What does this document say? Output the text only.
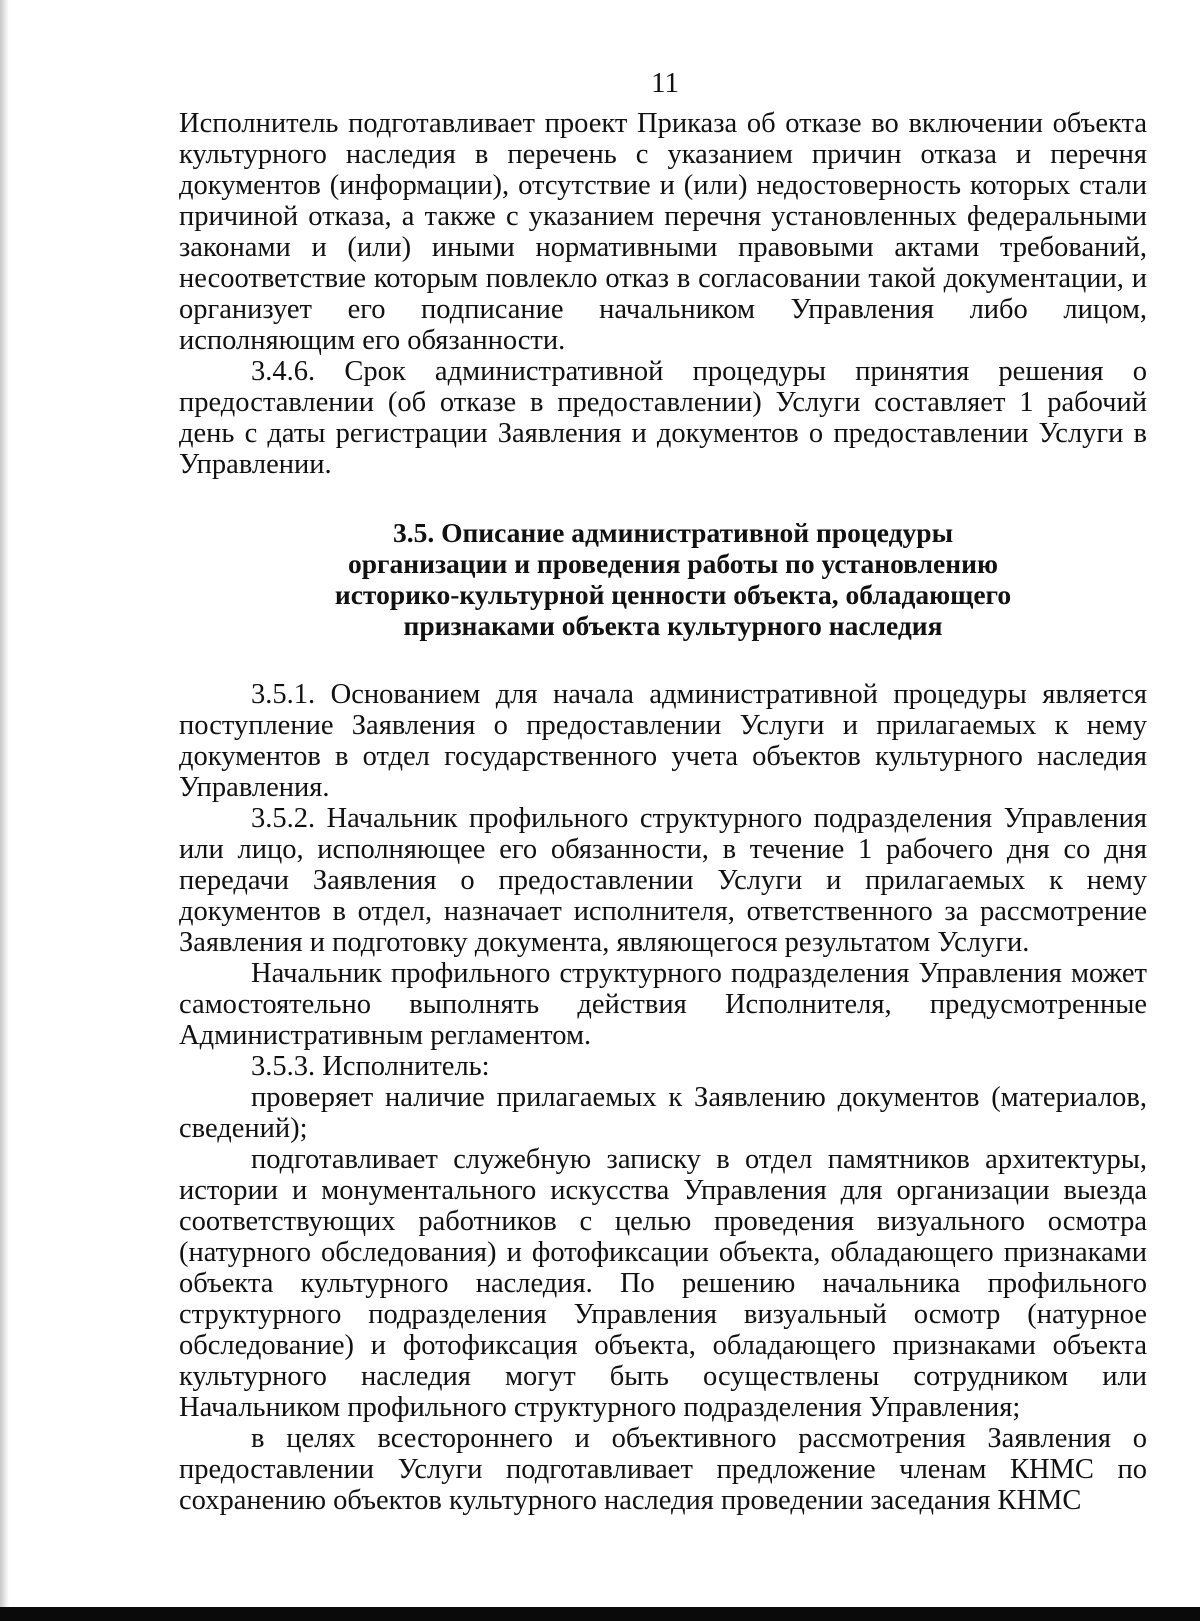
11

Исполнитель подготавливает проект Приказа об отказе во включении объекта культурного наследия в перечень с указанием причин отказа и перечня документов (информации), отсутствие и (или) недостоверность которых стали причиной отказа, а также с указанием перечня установленных федеральными законами и (или) иными нормативными правовыми актами требований, несоответствие которым повлекло отказ в согласовании такой документации, и организует его подписание начальником Управления либо лицом, исполняющим его обязанности.

3.4.6. Срок административной процедуры принятия решения о предоставлении (об отказе в предоставлении) Услуги составляет 1 рабочий день с даты регистрации Заявления и документов о предоставлении Услуги в Управлении.

3.5. Описание административной процедуры
организации и проведения работы по установлению
историко-культурной ценности объекта, обладающего
признаками объекта культурного наследия

3.5.1. Основанием для начала административной процедуры является поступление Заявления о предоставлении Услуги и прилагаемых к нему документов в отдел государственного учета объектов культурного наследия Управления.

3.5.2. Начальник профильного структурного подразделения Управления или лицо, исполняющее его обязанности, в течение 1 рабочего дня со дня передачи Заявления о предоставлении Услуги и прилагаемых к нему документов в отдел, назначает исполнителя, ответственного за рассмотрение Заявления и подготовку документа, являющегося результатом Услуги.

Начальник профильного структурного подразделения Управления может самостоятельно выполнять действия Исполнителя, предусмотренные Административным регламентом.

3.5.3. Исполнитель:

проверяет наличие прилагаемых к Заявлению документов (материалов, сведений);

подготавливает служебную записку в отдел памятников архитектуры, истории и монументального искусства Управления для организации выезда соответствующих работников с целью проведения визуального осмотра (натурного обследования) и фотофиксации объекта, обладающего признаками объекта культурного наследия. По решению начальника профильного структурного подразделения Управления визуальный осмотр (натурное обследование) и фотофиксация объекта, обладающего признаками объекта культурного наследия могут быть осуществлены сотрудником или Начальником профильного структурного подразделения Управления;

в целях всестороннего и объективного рассмотрения Заявления о предоставлении Услуги подготавливает предложение членам КНМС по сохранению объектов культурного наследия проведении заседания КНМС
